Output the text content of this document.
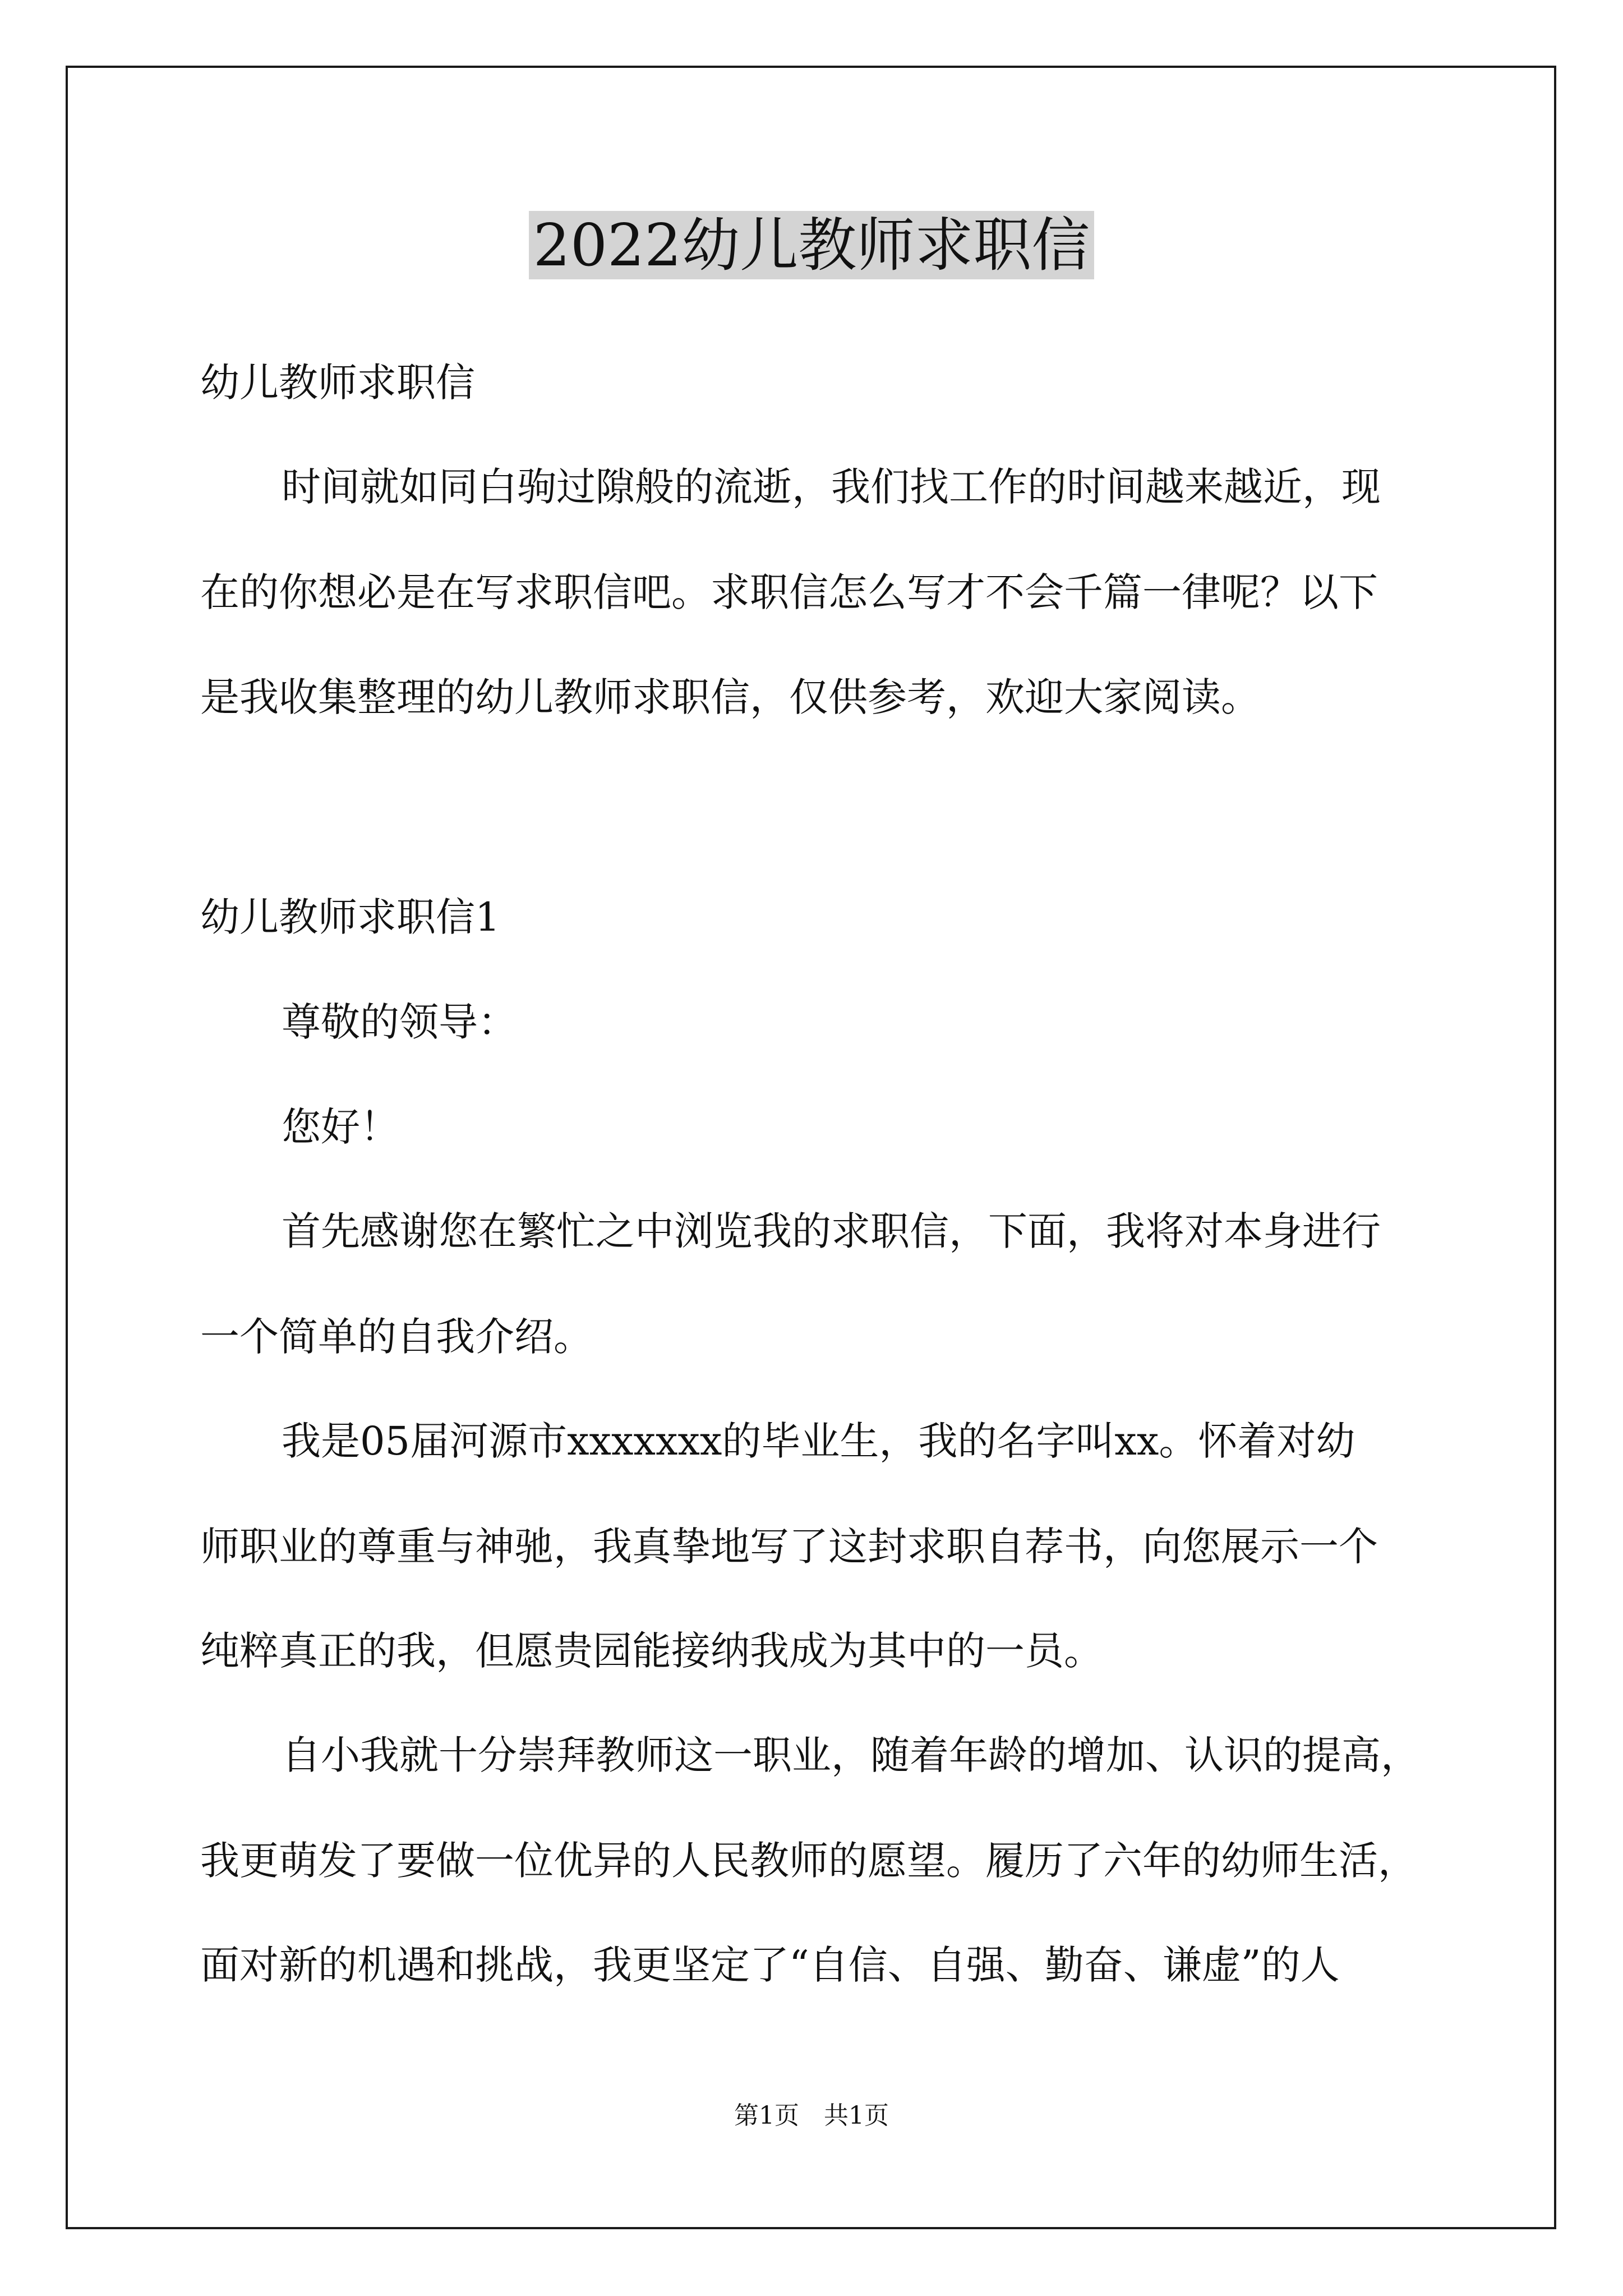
2022幼儿教师求职信
幼儿教师求职信
时间就如同白驹过隙般的流逝，我们找工作的时间越来越近，现
在的你想必是在写求职信吧。求职信怎么写才不会千篇一律呢？以下
是我收集整理的幼儿教师求职信，仅供参考，欢迎大家阅读。
幼儿教师求职信1
尊敬的领导：
您好！
首先感谢您在繁忙之中浏览我的求职信，下面，我将对本身进行
一个简单的自我介绍。
我是05届河源市xxxxxxx的毕业生，我的名字叫xx。怀着对幼
师职业的尊重与神驰，我真挚地写了这封求职自荐书，向您展示一个
纯粹真正的我，但愿贵园能接纳我成为其中的一员。
自小我就十分崇拜教师这一职业，随着年龄的增加、认识的提高，
我更萌发了要做一位优异的人民教师的愿望。履历了六年的幼师生活，
面对新的机遇和挑战，我更坚定了“自信、自强、勤奋、谦虚”的人
第1页　共1页
